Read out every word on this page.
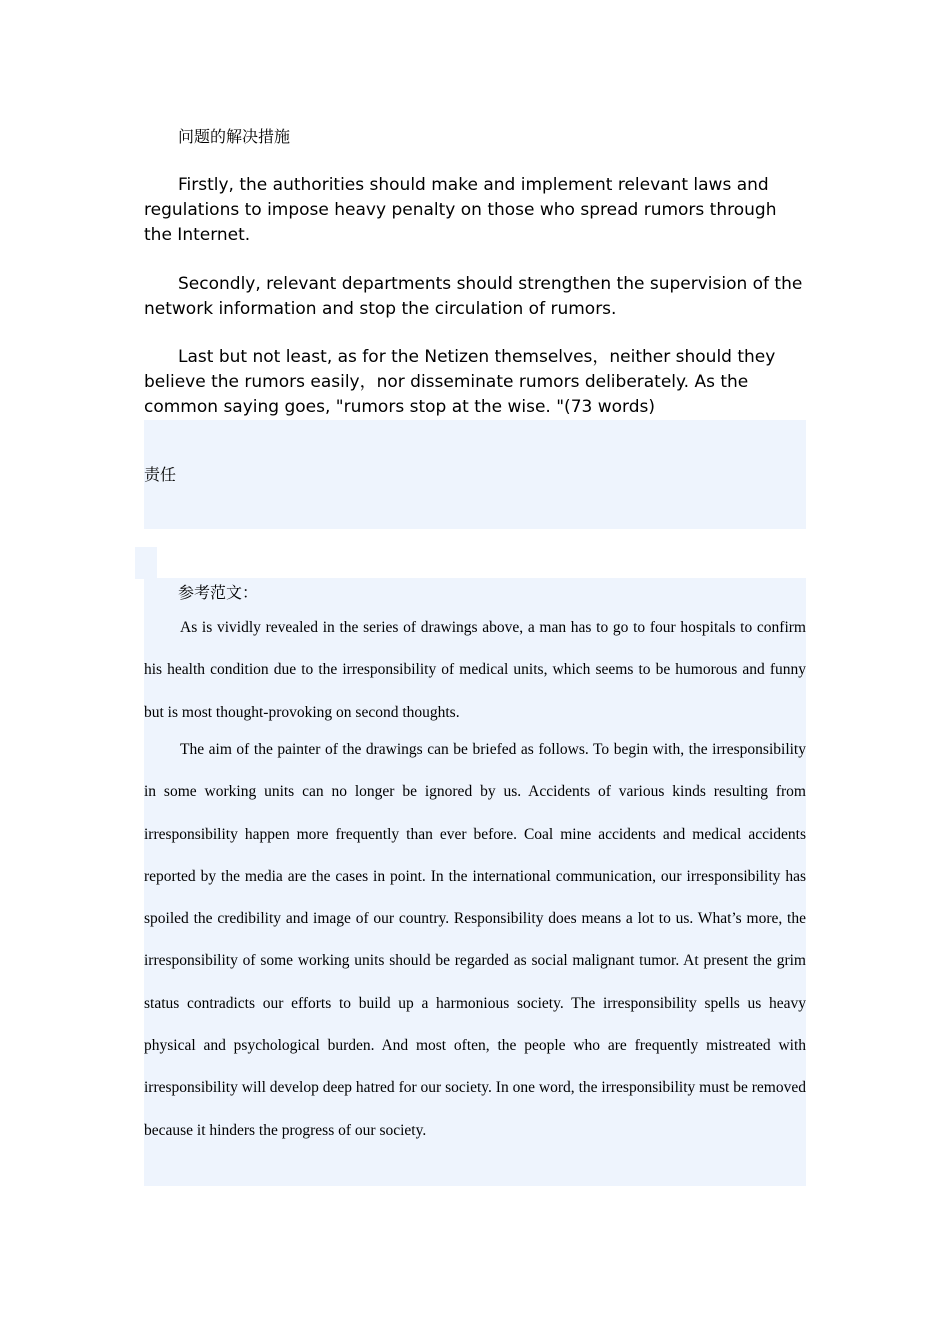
问题的解决措施

Firstly, the authorities should make and implement relevant laws and regulations to impose heavy penalty on those who spread rumors through the Internet.

Secondly, relevant departments should strengthen the supervision of the network information and stop the circulation of rumors.

Last but not least, as for the Netizen themselves，neither should they believe the rumors easily，nor disseminate rumors deliberately. As the common saying goes, "rumors stop at the wise. "(73 words)

责任
参考范文：

As is vividly revealed in the series of drawings above, a man has to go to four hospitals to confirm his health condition due to the irresponsibility of medical units, which seems to be humorous and funny but is most thought-provoking on second thoughts.

The aim of the painter of the drawings can be briefed as follows. To begin with, the irresponsibility in some working units can no longer be ignored by us. Accidents of various kinds resulting from irresponsibility happen more frequently than ever before. Coal mine accidents and medical accidents reported by the media are the cases in point. In the international communication, our irresponsibility has spoiled the credibility and image of our country. Responsibility does means a lot to us. What’s more, the irresponsibility of some working units should be regarded as social malignant tumor. At present the grim status contradicts our efforts to build up a harmonious society. The irresponsibility spells us heavy physical and psychological burden. And most often, the people who are frequently mistreated with irresponsibility will develop deep hatred for our society. In one word, the irresponsibility must be removed because it hinders the progress of our society.
